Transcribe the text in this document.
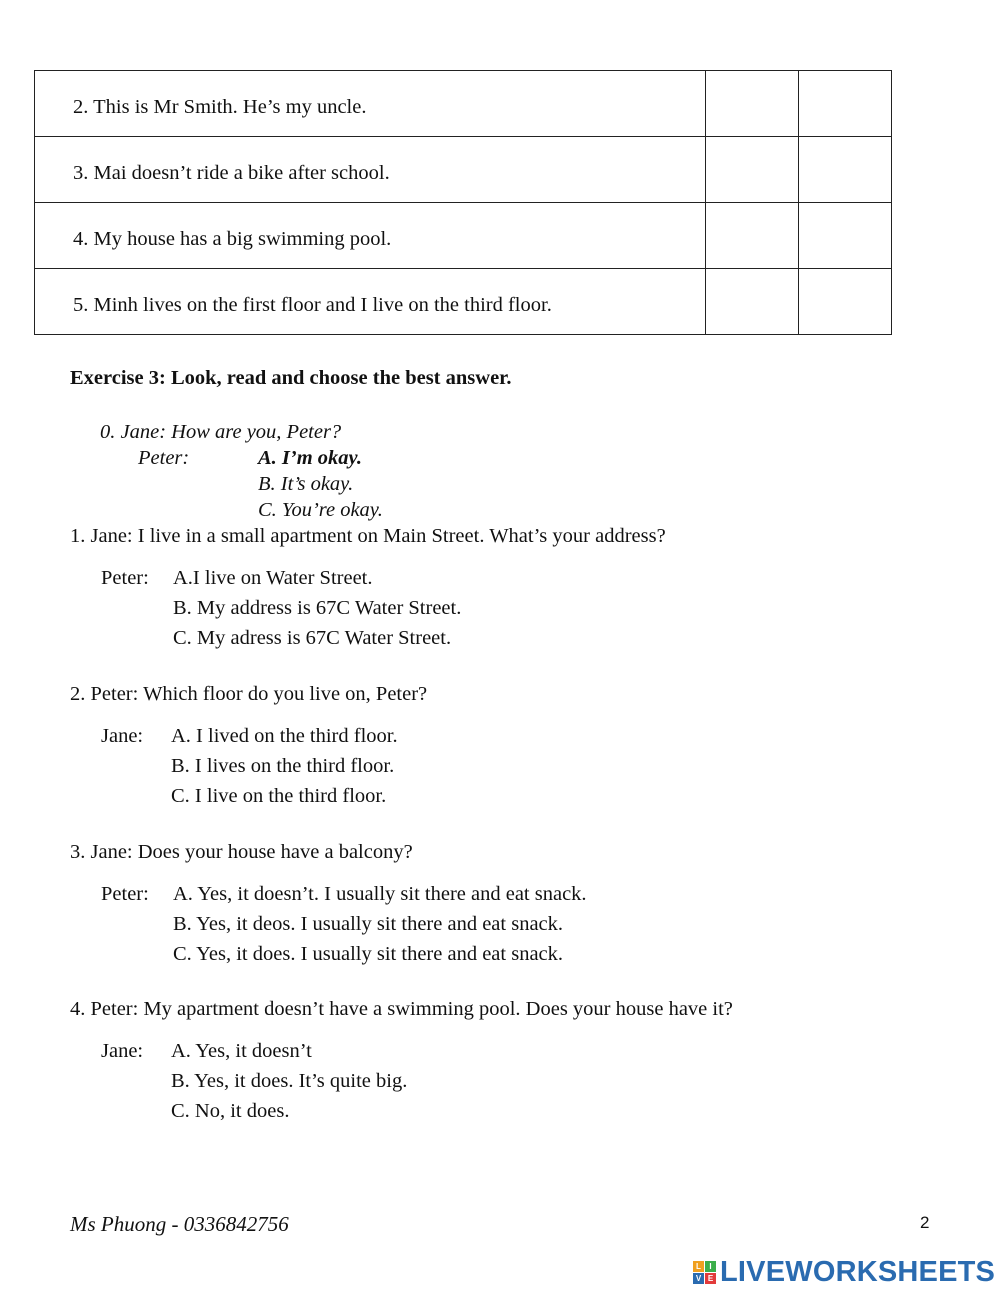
2. This is Mr Smith. He’s my uncle.		
3. Mai doesn’t ride a bike after school.		
4. My house has a big swimming pool.		
5. Minh lives on the first floor and I live on the third floor.		
Exercise 3: Look, read and choose the best answer.
0. Jane: How are you, Peter?
Peter:	A. I’m okay.
B. It’s okay.
C. You’re okay.
1. Jane: I live in a small apartment on Main Street. What’s your address?
Peter: A.I live on Water Street.
B. My address is 67C Water Street.
C. My adress is 67C Water Street.
2. Peter: Which floor do you live on, Peter?
Jane: A. I lived on the third floor.
B. I lives on the third floor.
C. I live on the third floor.
3. Jane: Does your house have a balcony?
Peter: A. Yes, it doesn’t. I usually sit there and eat snack.
B. Yes, it deos. I usually sit there and eat snack.
C. Yes, it does. I usually sit there and eat snack.
4. Peter: My apartment doesn’t have a swimming pool. Does your house have it?
Jane: A. Yes, it doesn’t
B. Yes, it does. It’s quite big.
C. No, it does.
Ms Phuong - 0336842756	2
L	I
V E LIVEWORKSHEETS
